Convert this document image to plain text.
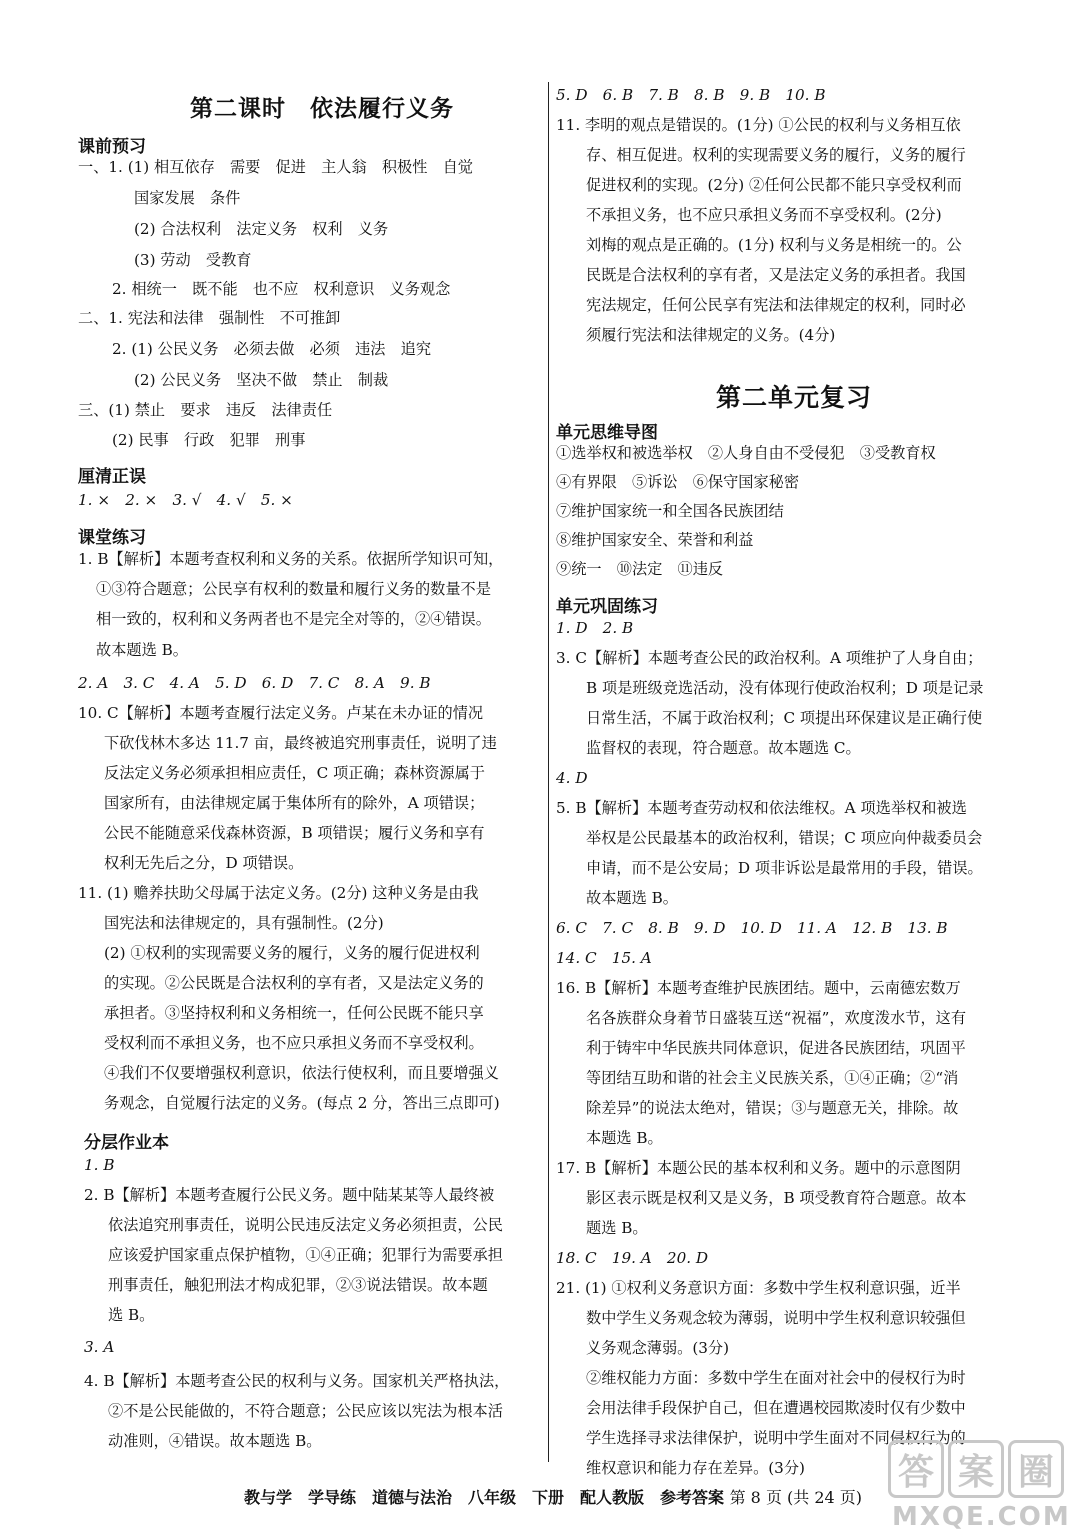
第二课时　依法履行义务
课前预习
一、1. (1) 相互依存　需要　促进　主人翁　积极性　自觉
国家发展　条件
(2) 合法权利　法定义务　权利　义务
(3) 劳动　受教育
2. 相统一　既不能　也不应　权利意识　义务观念
二、1. 宪法和法律　强制性　不可推卸
2. (1) 公民义务　必须去做　必须　违法　追究
(2) 公民义务　坚决不做　禁止　制裁
三、(1) 禁止　要求　违反　法律责任
(2) 民事　行政　犯罪　刑事
厘清正误
1. ×　2. ×　3. √　4. √　5. ×
课堂练习
1. B【解析】本题考查权利和义务的关系。依据所学知识可知，
①③符合题意；公民享有权利的数量和履行义务的数量不是
相一致的，权利和义务两者也不是完全对等的，②④错误。
故本题选 B。
2. A　3. C　4. A　5. D　6. D　7. C　8. A　9. B
10. C【解析】本题考查履行法定义务。卢某在未办证的情况
下砍伐林木多达 11.7 亩，最终被追究刑事责任，说明了违
反法定义务必须承担相应责任，C 项正确；森林资源属于
国家所有，由法律规定属于集体所有的除外，A 项错误；
公民不能随意采伐森林资源，B 项错误；履行义务和享有
权利无先后之分，D 项错误。
11. (1) 赡养扶助父母属于法定义务。(2分) 这种义务是由我
国宪法和法律规定的，具有强制性。(2分)
(2) ①权利的实现需要义务的履行，义务的履行促进权利
的实现。②公民既是合法权利的享有者，又是法定义务的
承担者。③坚持权利和义务相统一，任何公民既不能只享
受权利而不承担义务，也不应只承担义务而不享受权利。
④我们不仅要增强权利意识，依法行使权利，而且要增强义
务观念，自觉履行法定的义务。(每点 2 分，答出三点即可)
分层作业本
1. B
2. B【解析】本题考查履行公民义务。题中陆某某等人最终被
依法追究刑事责任，说明公民违反法定义务必须担责，公民
应该爱护国家重点保护植物，①④正确；犯罪行为需要承担
刑事责任，触犯刑法才构成犯罪，②③说法错误。故本题
选 B。
3. A
4. B【解析】本题考查公民的权利与义务。国家机关严格执法，
②不是公民能做的，不符合题意；公民应该以宪法为根本活
动准则，④错误。故本题选 B。
5. D　6. B　7. B　8. B　9. B　10. B
11. 李明的观点是错误的。(1分) ①公民的权利与义务相互依
存、相互促进。权利的实现需要义务的履行，义务的履行
促进权利的实现。(2分) ②任何公民都不能只享受权利而
不承担义务，也不应只承担义务而不享受权利。(2分)
刘梅的观点是正确的。(1分) 权利与义务是相统一的。公
民既是合法权利的享有者，又是法定义务的承担者。我国
宪法规定，任何公民享有宪法和法律规定的权利，同时必
须履行宪法和法律规定的义务。(4分)
第二单元复习
单元思维导图
①选举权和被选举权　②人身自由不受侵犯　③受教育权
④有界限　⑤诉讼　⑥保守国家秘密
⑦维护国家统一和全国各民族团结
⑧维护国家安全、荣誉和利益
⑨统一　⑩法定　⑪违反
单元巩固练习
1. D　2. B
3. C【解析】本题考查公民的政治权利。A 项维护了人身自由；
B 项是班级竞选活动，没有体现行使政治权利；D 项是记录
日常生活，不属于政治权利；C 项提出环保建议是正确行使
监督权的表现，符合题意。故本题选 C。
4. D
5. B【解析】本题考查劳动权和依法维权。A 项选举权和被选
举权是公民最基本的政治权利，错误；C 项应向仲裁委员会
申请，而不是公安局；D 项非诉讼是最常用的手段，错误。
故本题选 B。
6. C　7. C　8. B　9. D　10. D　11. A　12. B　13. B
14. C　15. A
16. B【解析】本题考查维护民族团结。题中，云南德宏数万
名各族群众身着节日盛装互送“祝福”，欢度泼水节，这有
利于铸牢中华民族共同体意识，促进各民族团结，巩固平
等团结互助和谐的社会主义民族关系，①④正确；②“消
除差异”的说法太绝对，错误；③与题意无关，排除。故
本题选 B。
17. B【解析】本题公民的基本权利和义务。题中的示意图阴
影区表示既是权利又是义务，B 项受教育符合题意。故本
题选 B。
18. C　19. A　20. D
21. (1) ①权利义务意识方面：多数中学生权利意识强，近半
数中学生义务观念较为薄弱，说明中学生权利意识较强但
义务观念薄弱。(3分)
②维权能力方面：多数中学生在面对社会中的侵权行为时
会用法律手段保护自己，但在遭遇校园欺凌时仅有少数中
学生选择寻求法律保护，说明中学生面对不同侵权行为的
维权意识和能力存在差异。(3分)
教与学　学导练　道德与法治　八年级　下册　配人教版　参考答案 第 8 页 (共 24 页)
答 案 圈
MXQE.COM
